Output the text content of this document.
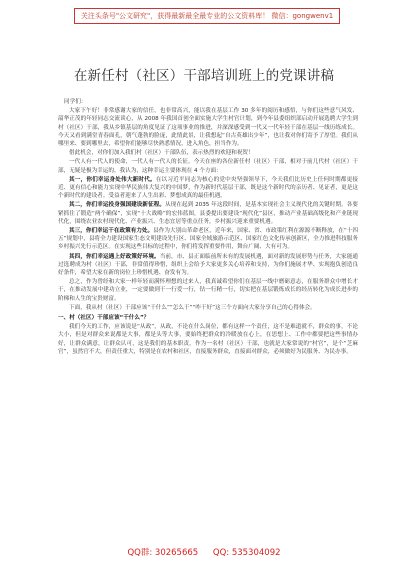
关注头条号"公文研究"，获得最新最全最专业的公文资料库！ 微信：gongwenv1
在新任村（社区）干部培训班上的党课讲稿

同学们：

大家下午好！非常感谢大家的信任，也非常高兴，能以我在基层工作 30 多年的阅历和感悟，与你们这些意气风发、韶华正茂的年轻同志交流谈心，从 2008 年我国首创全面实施大学生村官计划，到今年县委组织部启动开展选聘大学生到村（社区）干部，我从乡镇基层的角度见证了这项事业的推进，并深深感受到一代又一代年轻干部在基层一线历练成长。今天又看到满堂青春面孔，朝气蓬勃的脸庞，此情此景，让我想起“自古英雄出少年”，也让我对你们寄予了厚望。我们从哪里来、要到哪里去，希望你们能够尽快熟悉情况，进入角色，担当作为。

借此机会，对你们加入我们村（社区）干部队伍，表示热烈的欢迎和祝贺！

一代人有一代人的使命，一代人有一代人的长征。今天在座的各位新任村（社区）干部，相对于前几代村（社区）干部，无疑是极为幸运的，我认为，这种幸运主要体现在 4 个方面：

其一，你们幸运身处伟大新时代。在以习近平同志为核心的党中央坚强领导下，今天我们比历史上任何时期都更接近、更有信心和能力实现中华民族伟大复兴的中国梦，作为新时代基层干部，既是这个新时代的亲历者、见证者，更是这个新时代的建设者。受益者迎来了人生出彩、梦想成真的最佳机遇。

其二，你们幸运投身强国建设新征程。从现在起到 2035 年这段时间，是基本实现社会主义现代化的关键时期。各要紧抓住了锻造“两个确保”，实现“十大战略”的宏伟蓝图，县委提出要建设“现代化”县区，推动产业基础高级化和产业链现代化，围绕农业农村现代化、产业振兴、生态宜居等重点任务，乡村振兴迎来重要机遇。

其三，你们幸运干在政策有力处。县作为大别山革命老区，近年来，国家、省、市政策红利在源源不断释放，在“十四五”规划中，县将全力建设国家生态文明建设先行区、国家全域旅游示范区、国家红色文化传承创新区，全力推进科技服务乡村振兴先行示范区。在实现这些目标的过程中，你们将发挥重要作用，舞台广阔、大有可为。

其四，你们幸运遇上好政策好环境。当前，市、县正面临前所未有的发展机遇，面对新的发展形势与任务，大家能通过选聘成为村（社区）干部，非常值得珍惜，组织上会给予大家更多关心培养和支持，为你们施展才华、实现抱负创造良好条件，希望大家在新的岗位上珍惜机遇、奋发有为。

总之，作为曾经和大家一样年轻而满怀理想的过来人，我真诚希望你们在基层一线中磨砺意志，在服务群众中增长才干，在推动发展中建功立业，一定要做到干一行爱一行，钻一行精一行，切实把在基层锻炼成长的经历转化为成长进步的阶梯和人生的宝贵财富。

下面，我从村（社区）干部应该“干什么”“怎么干”“咋干好”这三个方面向大家分享自己的心得体会。

一、村（社区）干部应该“干什么”？

我们今天的工作，应该说是“从政”，从政，不论在什么岗位，都有这样一个责任，这不是难道就不，群众的事，不论大小，但是对群众来说都是大事，都是头等大事，要始终把群众的冷暖放在心上，在思想上、工作中都要把这些事情办好，让群众满意，让群众认可，这是我们的基本职责。作为一名村（社区）干部，也就是大家常说的“村官”，是个“芝麻官”，虽然官不大，但责任重大，特别是在农村和社区，直接服务群众，直接面对群众，必须做好为民服务、为民办事。

QQ群: 30265665 QQ: 535304092
